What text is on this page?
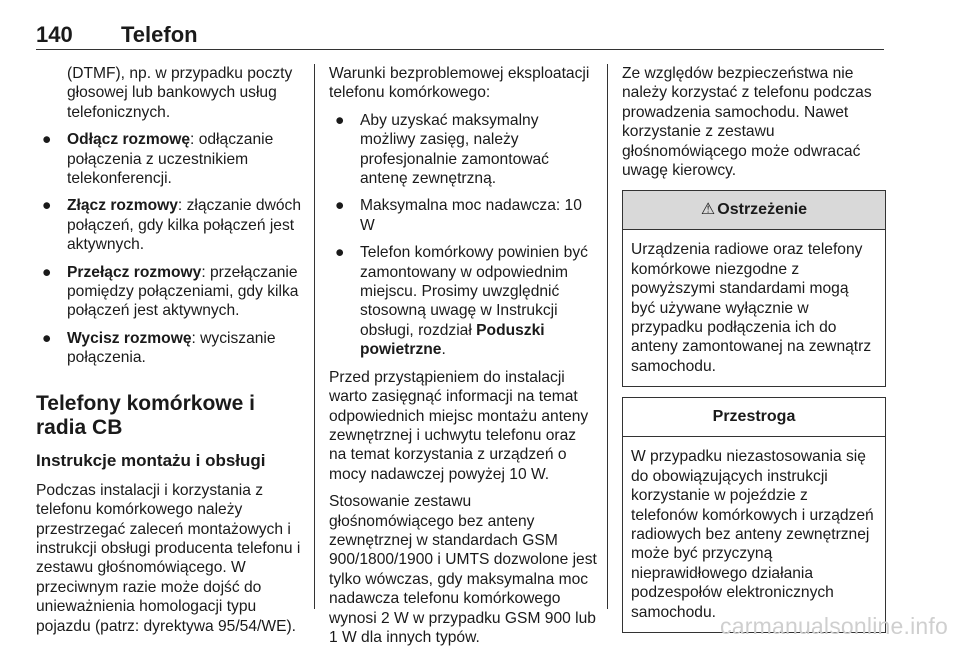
140 Telefon

(DTMF), np. w przypadku poczty głosowej lub bankowych usług telefonicznych.

● Odłącz rozmowę: odłączanie połączenia z uczestnikiem telekonferencji.
● Złącz rozmowy: złączanie dwóch połączeń, gdy kilka połączeń jest aktywnych.
● Przełącz rozmowy: przełączanie pomiędzy połączeniami, gdy kilka połączeń jest aktywnych.
● Wycisz rozmowę: wyciszanie połączenia.
Telefony komórkowe i radia CB
Instrukcje montażu i obsługi

Podczas instalacji i korzystania z telefonu komórkowego należy przestrzegać zaleceń montażowych i instrukcji obsługi producenta telefonu i zestawu głośnomówiącego. W przeciwnym razie może dojść do unieważnienia homologacji typu pojazdu (patrz: dyrektywa 95/54/WE).

Warunki bezproblemowej eksploatacji telefonu komórkowego:

● Aby uzyskać maksymalny możliwy zasięg, należy profesjonalnie zamontować antenę zewnętrzną.
● Maksymalna moc nadawcza: 10 W
● Telefon komórkowy powinien być zamontowany w odpowiednim miejscu. Prosimy uwzględnić stosowną uwagę w Instrukcji obsługi, rozdział Poduszki powietrzne.

Przed przystąpieniem do instalacji warto zasięgnąć informacji na temat odpowiednich miejsc montażu anteny zewnętrznej i uchwytu telefonu oraz na temat korzystania z urządzeń o mocy nadawczej powyżej 10 W.

Stosowanie zestawu głośnomówiącego bez anteny zewnętrznej w standardach GSM 900/1800/1900 i UMTS dozwolone jest tylko wówczas, gdy maksymalna moc nadawcza telefonu komórkowego wynosi 2 W w przypadku GSM 900 lub 1 W dla innych typów.

Ze względów bezpieczeństwa nie należy korzystać z telefonu podczas prowadzenia samochodu. Nawet korzystanie z zestawu głośnomówiącego może odwracać uwagę kierowcy.

⚠ Ostrzeżenie
Urządzenia radiowe oraz telefony komórkowe niezgodne z powyższymi standardami mogą być używane wyłącznie w przypadku podłączenia ich do anteny zamontowanej na zewnątrz samochodu.
Przestroga
W przypadku niezastosowania się do obowiązujących instrukcji korzystanie w pojeździe z telefonów komórkowych i urządzeń radiowych bez anteny zewnętrznej może być przyczyną nieprawidłowego działania podzespołów elektronicznych samochodu.
carmanualsonline.info
